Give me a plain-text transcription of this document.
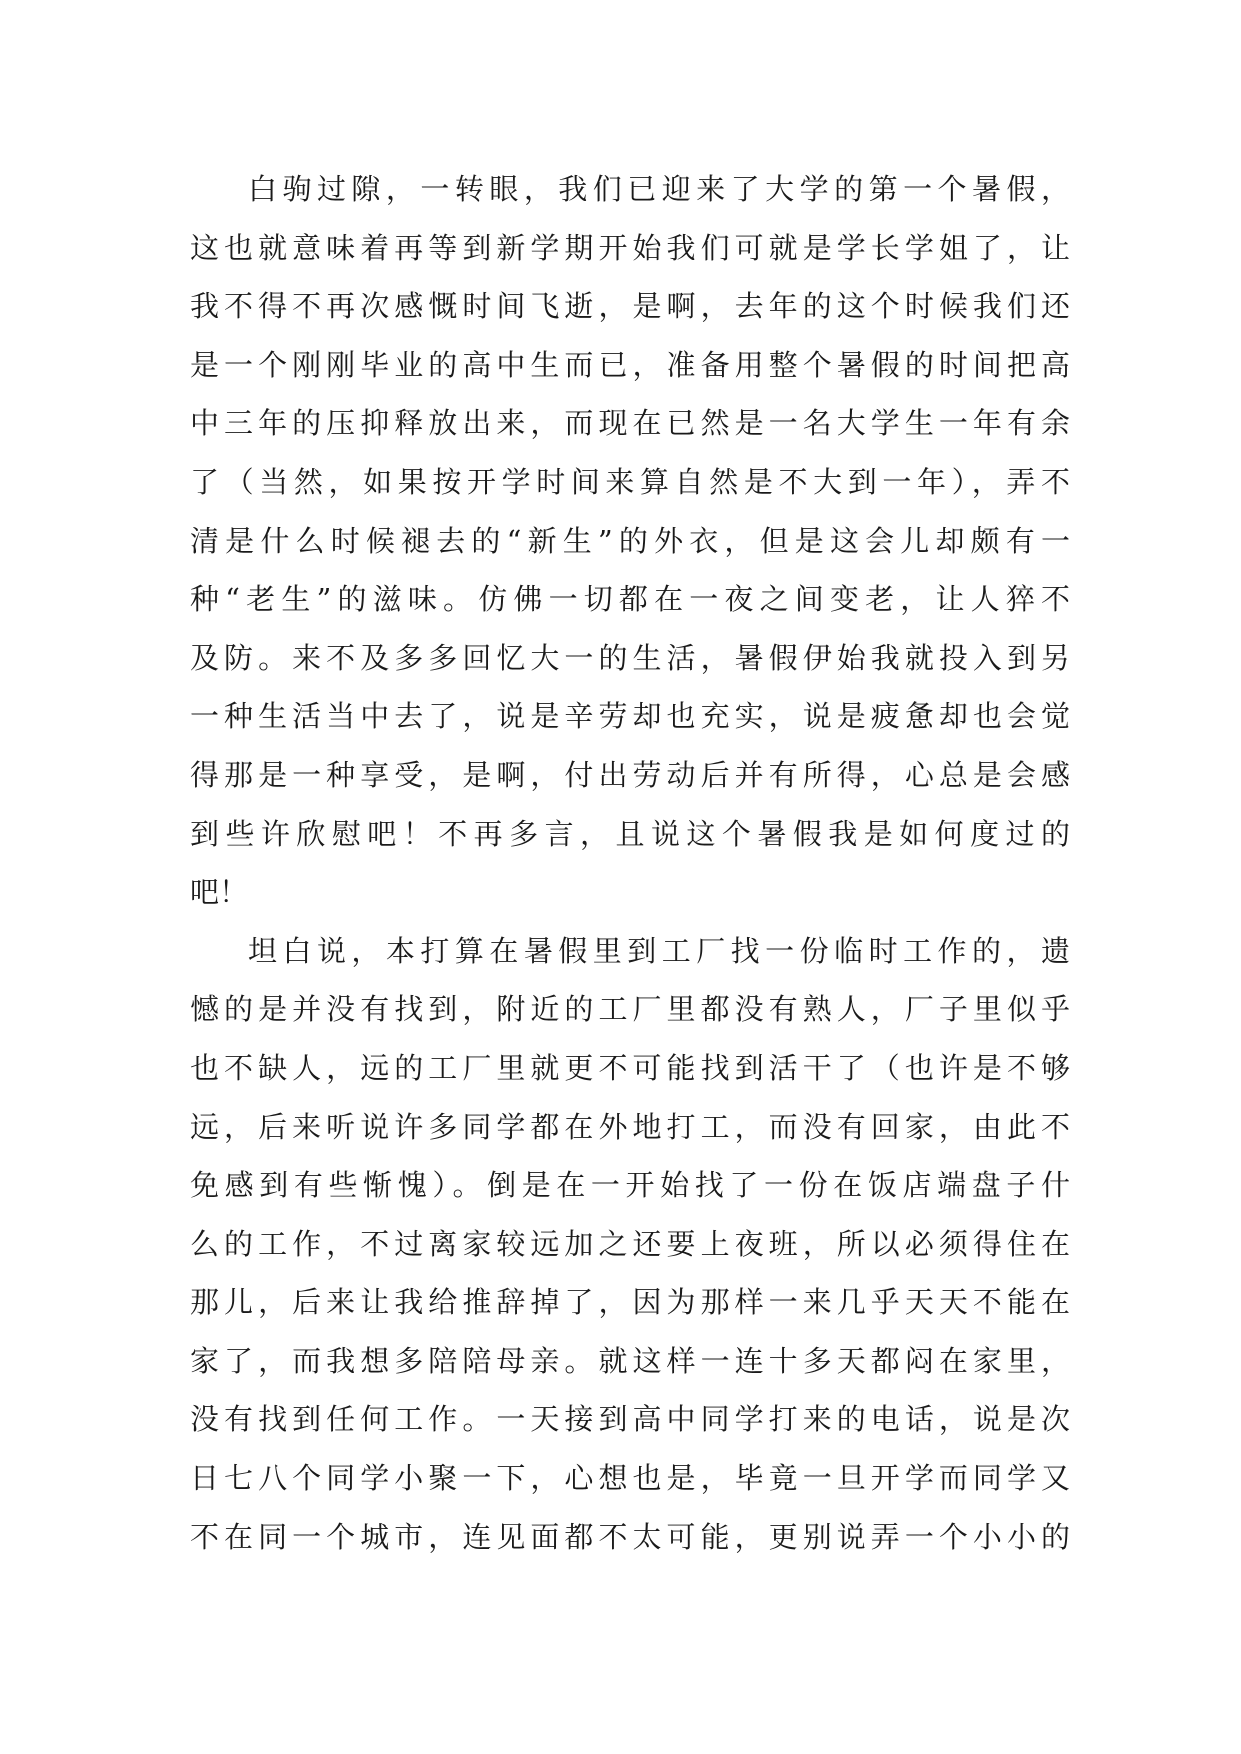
白驹过隙，一转眼，我们已迎来了大学的第一个暑假，
这也就意味着再等到新学期开始我们可就是学长学姐了，让
我不得不再次感慨时间飞逝，是啊，去年的这个时候我们还
是一个刚刚毕业的高中生而已，准备用整个暑假的时间把高
中三年的压抑释放出来，而现在已然是一名大学生一年有余
了（当然，如果按开学时间来算自然是不大到一年），弄不
清是什么时候褪去的“新生”的外衣，但是这会儿却颇有一
种“老生”的滋味。仿佛一切都在一夜之间变老，让人猝不
及防。来不及多多回忆大一的生活，暑假伊始我就投入到另
一种生活当中去了，说是辛劳却也充实，说是疲惫却也会觉
得那是一种享受，是啊，付出劳动后并有所得，心总是会感
到些许欣慰吧！不再多言，且说这个暑假我是如何度过的
吧！
坦白说，本打算在暑假里到工厂找一份临时工作的，遗
憾的是并没有找到，附近的工厂里都没有熟人，厂子里似乎
也不缺人，远的工厂里就更不可能找到活干了（也许是不够
远，后来听说许多同学都在外地打工，而没有回家，由此不
免感到有些惭愧）。倒是在一开始找了一份在饭店端盘子什
么的工作，不过离家较远加之还要上夜班，所以必须得住在
那儿，后来让我给推辞掉了，因为那样一来几乎天天不能在
家了，而我想多陪陪母亲。就这样一连十多天都闷在家里，
没有找到任何工作。一天接到高中同学打来的电话，说是次
日七八个同学小聚一下，心想也是，毕竟一旦开学而同学又
不在同一个城市，连见面都不太可能，更别说弄一个小小的
